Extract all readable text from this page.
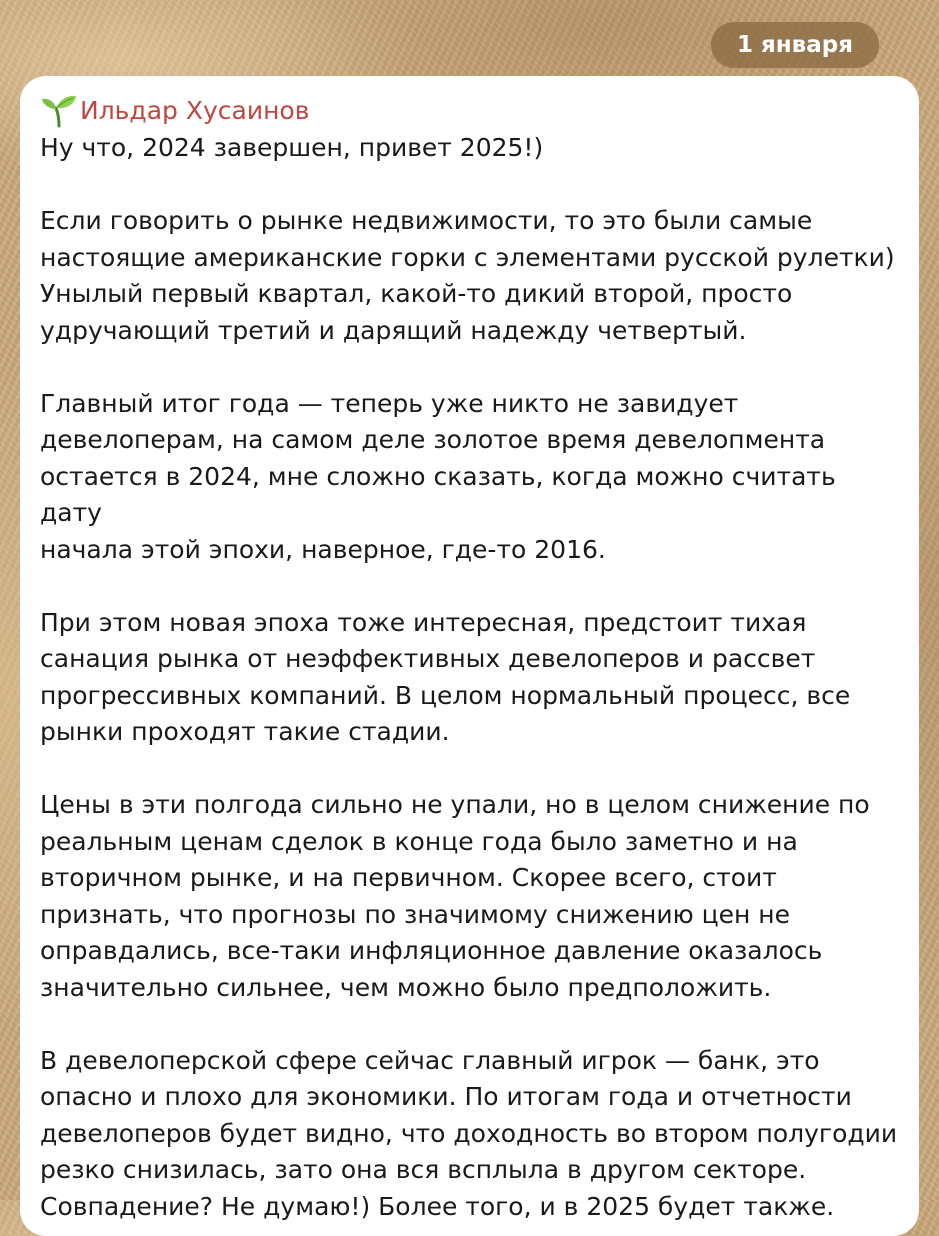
1 января
Ильдар Хусаинов

Ну что, 2024 завершен, привет 2025!)

Если говорить о рынке недвижимости, то это были самые
настоящие американские горки с элементами русской рулетки)
Унылый первый квартал, какой-то дикий второй, просто
удручающий третий и дарящий надежду четвертый.

Главный итог года — теперь уже никто не завидует
девелоперам, на самом деле золотое время девелопмента
остается в 2024, мне сложно сказать, когда можно считать дату
начала этой эпохи, наверное, где-то 2016.

При этом новая эпоха тоже интересная, предстоит тихая
санация рынка от неэффективных девелоперов и рассвет
прогрессивных компаний. В целом нормальный процесс, все
рынки проходят такие стадии.

Цены в эти полгода сильно не упали, но в целом снижение по
реальным ценам сделок в конце года было заметно и на
вторичном рынке, и на первичном. Скорее всего, стоит
признать, что прогнозы по значимому снижению цен не
оправдались, все-таки инфляционное давление оказалось
значительно сильнее, чем можно было предположить.

В девелоперской сфере сейчас главный игрок — банк, это
опасно и плохо для экономики. По итогам года и отчетности
девелоперов будет видно, что доходность во втором полугодии
резко снизилась, зато она вся всплыла в другом секторе.
Совпадение? Не думаю!) Более того, и в 2025 будет также.
